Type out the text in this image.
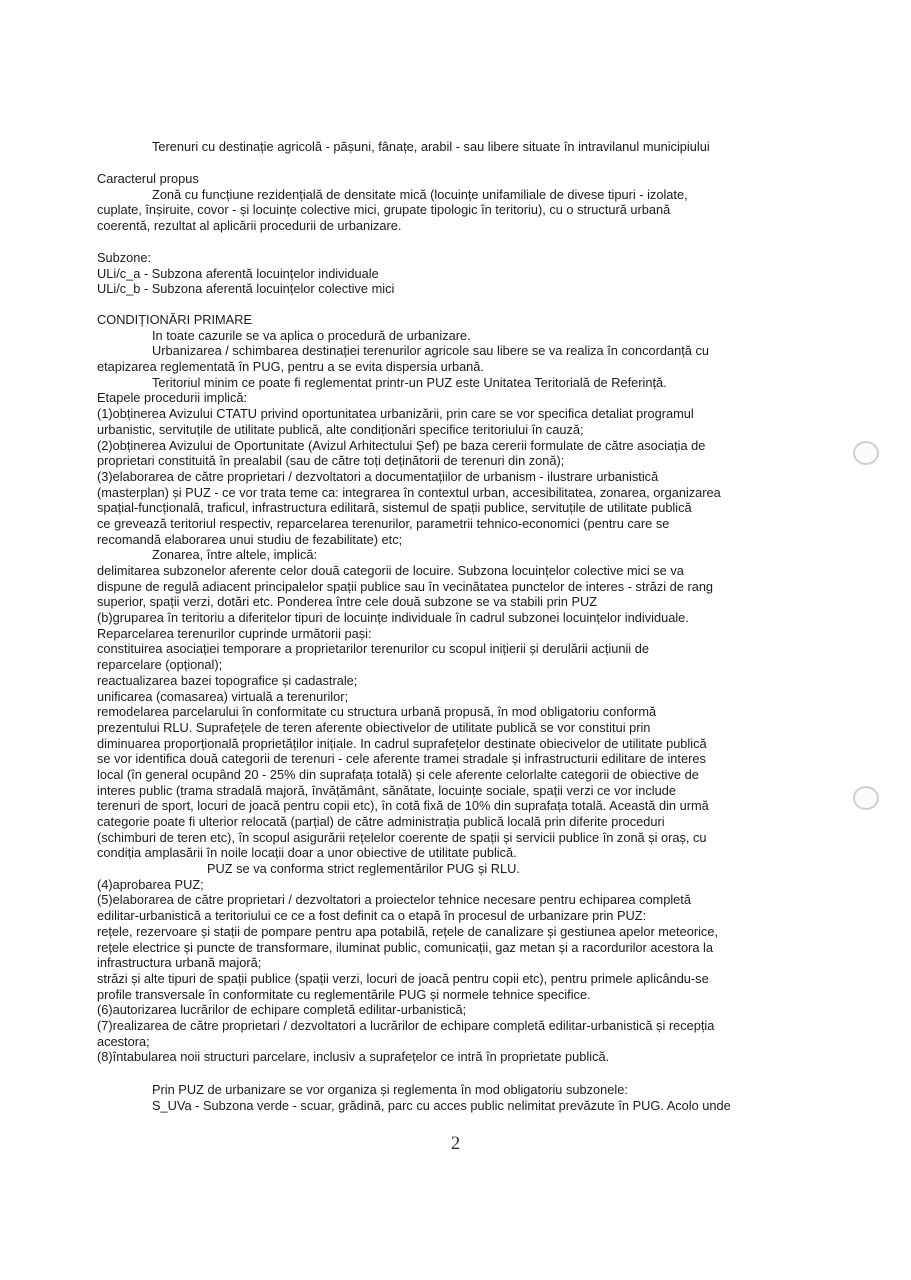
Terenuri cu destinație agricolă - pășuni, fânațe, arabil - sau libere situate în intravilanul municipiului
Caracterul propus
Zonă cu funcțiune rezidențială de densitate mică (locuințe unifamiliale de divese tipuri - izolate,
cuplate, înșiruite, covor - și locuințe colective mici, grupate tipologic în teritoriu), cu o structură urbană
coerentă, rezultat al aplicării procedurii de urbanizare.
Subzone:
ULi/c_a - Subzona aferentă locuințelor individuale
ULi/c_b - Subzona aferentă locuințelor colective mici
CONDIȚIONĂRI PRIMARE
In toate cazurile se va aplica o procedură de urbanizare.
Urbanizarea / schimbarea destinației terenurilor agricole sau libere se va realiza în concordanță cu
etapizarea reglementată în PUG, pentru a se evita dispersia urbană.
Teritoriul minim ce poate fi reglementat printr-un PUZ este Unitatea Teritorială de Referință.
Etapele procedurii implică:
(1)obținerea Avizului CTATU privind oportunitatea urbanizării, prin care se vor specifica detaliat programul
urbanistic, servituțile de utilitate publică, alte condiționări specifice teritoriului în cauză;
(2)obținerea Avizului de Oportunitate (Avizul Arhitectului Șef) pe baza cererii formulate de către asociația de
proprietari constituită în prealabil (sau de către toți deținătorii de terenuri din zonă);
(3)elaborarea de către proprietari / dezvoltatori a documentațiilor de urbanism - ilustrare urbanistică
(masterplan) și PUZ - ce vor trata teme ca: integrarea în contextul urban, accesibilitatea, zonarea, organizarea
spațial-funcțională, traficul, infrastructura edilitară, sistemul de spații publice, servituțile de utilitate publică
ce grevează teritoriul respectiv, reparcelarea terenurilor, parametrii tehnico-economici (pentru care se
recomandă elaborarea unui studiu de fezabilitate) etc;
Zonarea, între altele, implică:
delimitarea subzonelor aferente celor două categorii de locuire. Subzona locuințelor colective mici se va
dispune de regulă adiacent principalelor spații publice sau în vecinătatea punctelor de interes - străzi de rang
superior, spații verzi, dotări etc. Ponderea între cele două subzone se va stabili prin PUZ
(b)gruparea în teritoriu a diferitelor tipuri de locuințe individuale în cadrul subzonei locuințelor individuale.
Reparcelarea terenurilor cuprinde următorii pași:
constituirea asociației temporare a proprietarilor terenurilor cu scopul inițierii și derulării acțiunii de
reparcelare (opțional);
reactualizarea bazei topografice și cadastrale;
unificarea (comasarea) virtuală a terenurilor;
remodelarea parcelarului în conformitate cu structura urbană propusă, în mod obligatoriu conformă
prezentului RLU. Suprafețele de teren aferente obiectivelor de utilitate publică se vor constitui prin
diminuarea proporțională proprietăților inițiale. In cadrul suprafețelor destinate obiecivelor de utilitate publică
se vor identifica două categorii de terenuri - cele aferente tramei stradale și infrastructurii edilitare de interes
local (în general ocupând 20 - 25% din suprafața totală) și cele aferente celorlalte categorii de obiective de
interes public (trama stradală majoră, învățământ, sănătate, locuințe sociale, spații verzi ce vor include
terenuri de sport, locuri de joacă pentru copii etc), în cotă fixă de 10% din suprafața totală. Această din urmă
categorie poate fi ulterior relocată (parțial) de către administrația publică locală prin diferite proceduri
(schimburi de teren etc), în scopul asigurării rețelelor coerente de spații și servicii publice în zonă și oraș, cu
condiția amplasării în noile locații doar a unor obiective de utilitate publică.
PUZ se va conforma strict reglementărilor PUG și RLU.
(4)aprobarea PUZ;
(5)elaborarea de către proprietari / dezvoltatori a proiectelor tehnice necesare pentru echiparea completă
edilitar-urbanistică a teritoriului ce ce a fost definit ca o etapă în procesul de urbanizare prin PUZ:
rețele, rezervoare și stații de pompare pentru apa potabilă, rețele de canalizare și gestiunea apelor meteorice,
rețele electrice și puncte de transformare, iluminat public, comunicații, gaz metan și a racordurilor acestora la
infrastructura urbană majoră;
străzi și alte tipuri de spații publice (spații verzi, locuri de joacă pentru copii etc), pentru primele aplicându-se
profile transversale în conformitate cu reglementările PUG și normele tehnice specifice.
(6)autorizarea lucrărilor de echipare completă edilitar-urbanistică;
(7)realizarea de către proprietari / dezvoltatori a lucrărilor de echipare completă edilitar-urbanistică și recepția
acestora;
(8)întabularea noii structuri parcelare, inclusiv a suprafețelor ce intră în proprietate publică.
Prin PUZ de urbanizare se vor organiza și reglementa în mod obligatoriu subzonele:
S_UVa - Subzona verde - scuar, grădină, parc cu acces public nelimitat prevăzute în PUG. Acolo unde
2
